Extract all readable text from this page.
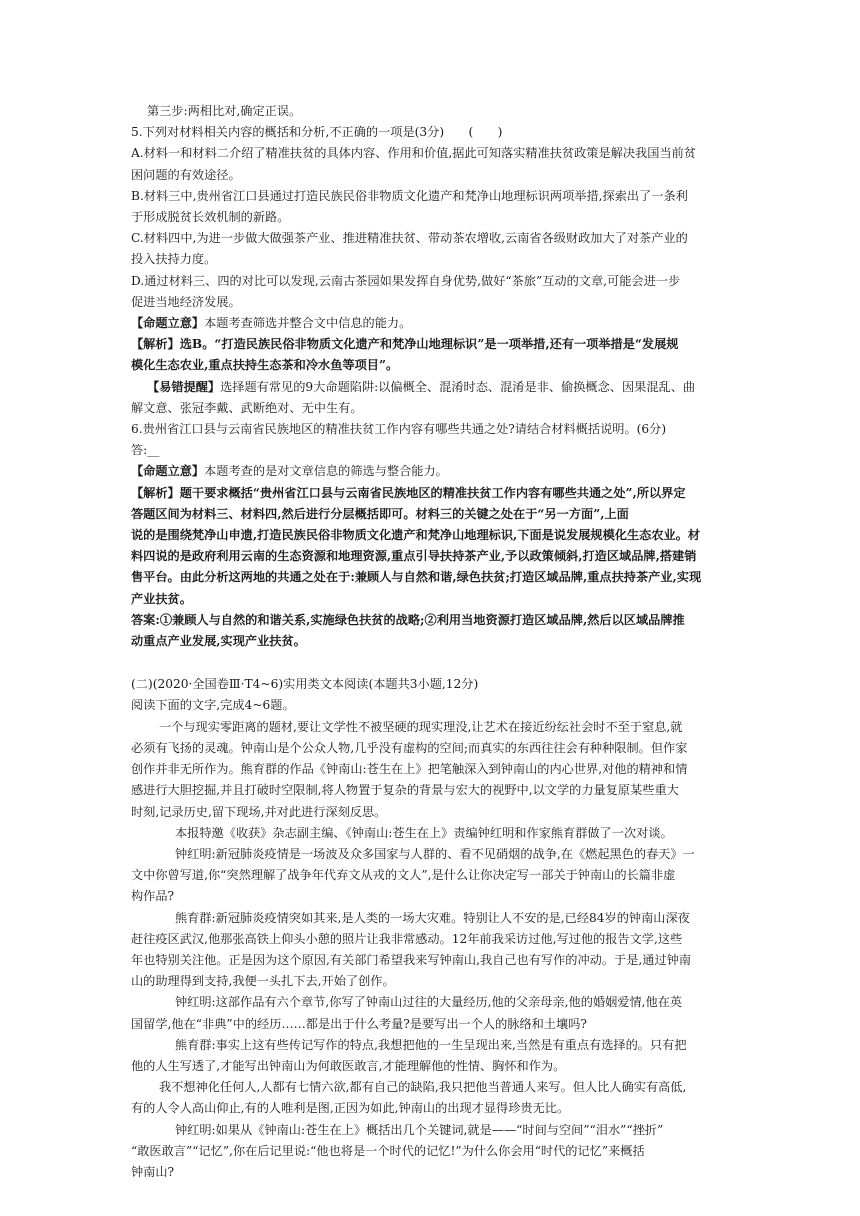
第三步:两相比对,确定正误。

5.下列对材料相关内容的概括和分析,不正确的一项是(3分)　　(　　)

A.材料一和材料二介绍了精准扶贫的具体内容、作用和价值,据此可知落实精准扶贫政策是解决我国当前贫

困问题的有效途径。

B.材料三中,贵州省江口县通过打造民族民俗非物质文化遗产和梵净山地理标识两项举措,探索出了一条利

于形成脱贫长效机制的新路。

C.材料四中,为进一步做大做强茶产业、推进精准扶贫、带动茶农增收,云南省各级财政加大了对茶产业的

投入扶持力度。

D.通过材料三、四的对比可以发现,云南古茶园如果发挥自身优势,做好“茶旅”互动的文章,可能会进一步

促进当地经济发展。

【命题立意】本题考查筛选并整合文中信息的能力。

【解析】选B。“打造民族民俗非物质文化遗产和梵净山地理标识”是一项举措,还有一项举措是“发展规

模化生态农业,重点扶持生态茶和冷水鱼等项目”。

【易错提醒】选择题有常见的9大命题陷阱:以偏概全、混淆时态、混淆是非、偷换概念、因果混乱、曲

解文意、张冠李戴、武断绝对、无中生有。

6.贵州省江口县与云南省民族地区的精准扶贫工作内容有哪些共通之处?请结合材料概括说明。(6分)

答:__

【命题立意】本题考查的是对文章信息的筛选与整合能力。

【解析】题干要求概括“贵州省江口县与云南省民族地区的精准扶贫工作内容有哪些共通之处”,所以界定

答题区间为材料三、材料四,然后进行分层概括即可。材料三的关键之处在于“另一方面”,上面

说的是围绕梵净山申遗,打造民族民俗非物质文化遗产和梵净山地理标识,下面是说发展规模化生态农业。材

料四说的是政府利用云南的生态资源和地理资源,重点引导扶持茶产业,予以政策倾斜,打造区域品牌,搭建销

售平台。由此分析这两地的共通之处在于:兼顾人与自然和谐,绿色扶贫;打造区域品牌,重点扶持茶产业,实现

产业扶贫。

答案:①兼顾人与自然的和谐关系,实施绿色扶贫的战略;②利用当地资源打造区域品牌,然后以区域品牌推

动重点产业发展,实现产业扶贫。

(二)(2020·全国卷Ⅲ·T4~6)实用类文本阅读(本题共3小题,12分)

阅读下面的文字,完成4~6题。

一个与现实零距离的题材,要让文学性不被坚硬的现实理没,让艺术在接近纷纭社会时不至于窒息,就

必须有飞扬的灵魂。钟南山是个公众人物,几乎没有虚构的空间;而真实的东西往往会有种种限制。但作家

创作并非无所作为。熊育群的作品《钟南山:苍生在上》把笔触深入到钟南山的内心世界,对他的精神和情

感进行大胆挖掘,并且打破时空限制,将人物置于复杂的背景与宏大的视野中,以文学的力量复原某些重大

时刻,记录历史,留下现场,并对此进行深刻反思。

本报特邀《收获》杂志副主编、《钟南山:苍生在上》责编钟红明和作家熊育群做了一次对谈。

钟红明:新冠肺炎疫情是一场波及众多国家与人群的、看不见硝烟的战争,在《燃起黑色的春天》一

文中你曾写道,你“突然理解了战争年代弃文从戎的文人”,是什么让你决定写一部关于钟南山的长篇非虚

构作品?

熊育群:新冠肺炎疫情突如其来,是人类的一场大灾难。特别让人不安的是,已经84岁的钟南山深夜

赶往疫区武汉,他那张高铁上仰头小憩的照片让我非常感动。12年前我采访过他,写过他的报告文学,这些

年也特别关注他。正是因为这个原因,有关部门希望我来写钟南山,我自己也有写作的冲动。于是,通过钟南

山的助理得到支持,我便一头扎下去,开始了创作。

钟红明:这部作品有六个章节,你写了钟南山过往的大量经历,他的父亲母亲,他的婚姻爱情,他在英

国留学,他在“非典”中的经历……都是出于什么考量?是要写出一个人的脉络和土壤吗?

熊育群:事实上这有些传记写作的特点,我想把他的一生呈现出来,当然是有重点有选择的。只有把

他的人生写透了,才能写出钟南山为何敢医敢言,才能理解他的性情、胸怀和作为。

我不想神化任何人,人都有七情六欲,都有自己的缺陷,我只把他当普通人来写。但人比人确实有高低,

有的人令人高山仰止,有的人唯利是图,正因为如此,钟南山的出现才显得珍贵无比。

钟红明:如果从《钟南山:苍生在上》概括出几个关键词,就是——“时间与空间”“泪水”“挫折”

“敢医敢言”“记忆”,你在后记里说:“他也将是一个时代的记忆!”为什么你会用“时代的记忆”来概括

钟南山?
